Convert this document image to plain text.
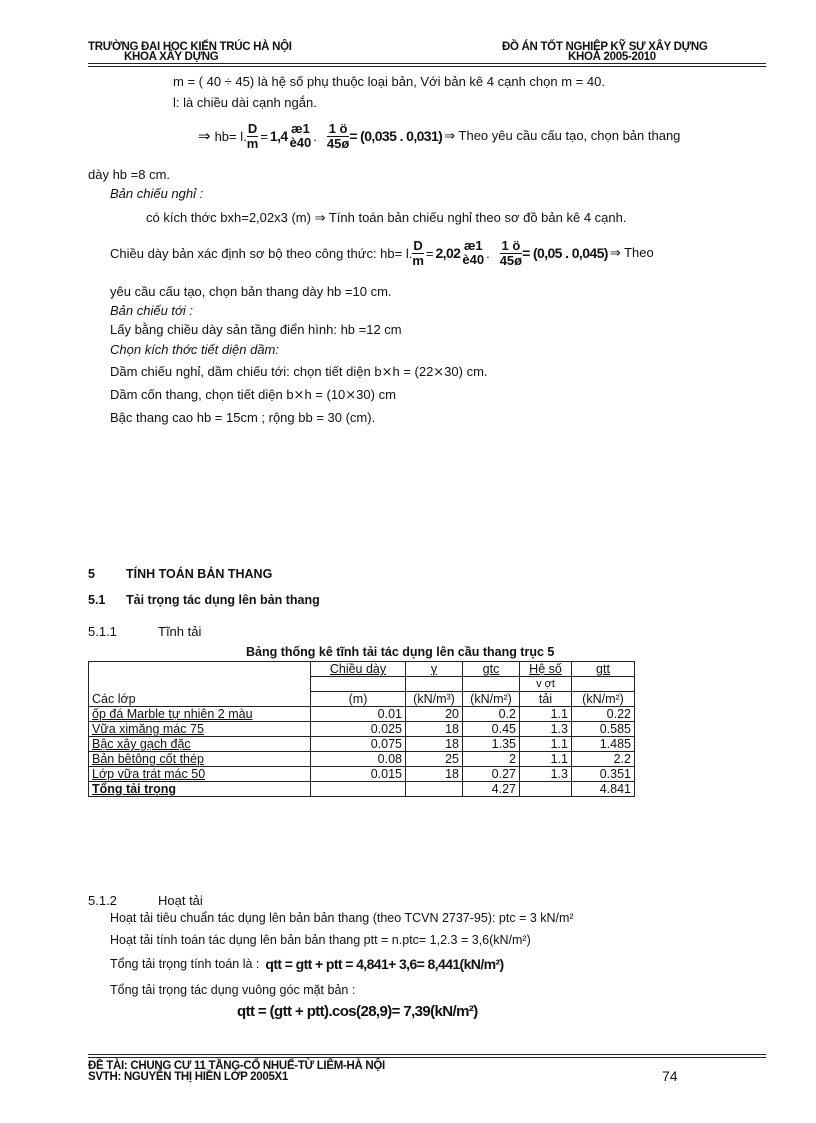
TRƯỜNG ĐẠI HỌC KIẾN TRÚC HÀ NỘI
KHOA XÂY DỰNG
ĐỒ ÁN TỐT NGHIỆP KỸ SƯ XÂY DỰNG
KHOÁ 2005-2010
m = ( 40 ÷ 45) là hệ số phụ thuộc loại bản, Với bản kê 4 cạnh chọn m = 40.
l: là chiều dài cạnh ngắn.
⇒ hb= l. $\frac{D}{m} = 1,4$ æ1
è40 . $\frac{1 ö}{45ø} = (0,035$ . 0,031) ⇒ Theo yêu cầu cấu tạo, chọn bản thang
dày hb =8 cm.
Bản chiếu nghỉ :
có kích thớc bxh=2,02x3 (m) ⇒ Tính toán bản chiếu nghỉ theo sơ đồ bản kê 4 cạnh.
Chiều dày bản xác định sơ bộ theo công thức: hb= l. $\frac{D}{m} = 2,02$ æ1
è40 . $\frac{1 ö}{45ø} = (0,05$ . 0,045) ⇒ Theo
yêu cầu cấu tạo, chọn bản thang dày hb =10 cm.
Bản chiếu tới :
Lấy bằng chiều dày sản tầng điển hình: hb =12 cm
Chọn kích thớc tiết diện dầm:
Dầm chiếu nghỉ, dầm chiếu tới: chọn tiết diện b⨯h = (22⨯30) cm.
Dầm cốn thang, chọn tiết diện b⨯h = (10⨯30) cm
Bậc thang cao hb = 15cm ; rộng bb = 30 (cm).
5 TÍNH TOÁN BẢN THANG
5.1 Tải trọng tác dụng lên bản thang
5.1.1	Tĩnh tải
Bảng thống kê tĩnh tải tác dụng lên cầu thang trục 5
	Chiều dày	γ	gtc	Hệ số	gtt
				v ợt	
Các lớp	(m)	(kN/m³)	(kN/m²)	tải	(kN/m²)
ốp đá Marble tự nhiên 2 màu	0.01	20	0.2	1.1	0.22
Vữa ximăng mác 75	0.025	18	0.45	1.3	0.585
Bậc xây gạch đặc	0.075	18	1.35	1.1	1.485
Bản bêtông cốt thép	0.08	25	2	1.1	2.2
Lớp vữa trát mác 50	0.015	18	0.27	1.3	0.351
Tổng tải trọng			4.27		4.841
5.1.2	Hoạt tải
Hoạt tải tiêu chuẩn tác dụng lên bản bản thang (theo TCVN 2737-95): ptc = 3 kN/m²
Hoạt tải tính toán tác dụng lên bản bản thang ptt = n.ptc= 1,2.3 = 3,6(kN/m²)
Tổng tải trọng tính toán là : qtt = gtt + ptt = 4,841+ 3,6= 8,441(kN/m²)
Tổng tải trọng tác dụng vuông góc mặt bản :
qtt = (gtt + ptt).cos(28,9)= 7,39(kN/m²)
ĐỀ TÀI: CHUNG CƯ 11 TẦNG-CỔ NHUẾ-TỪ LIÊM-HÀ NỘI
SVTH: NGUYỄN THỊ HIỀN LỚP 2005X1	74
